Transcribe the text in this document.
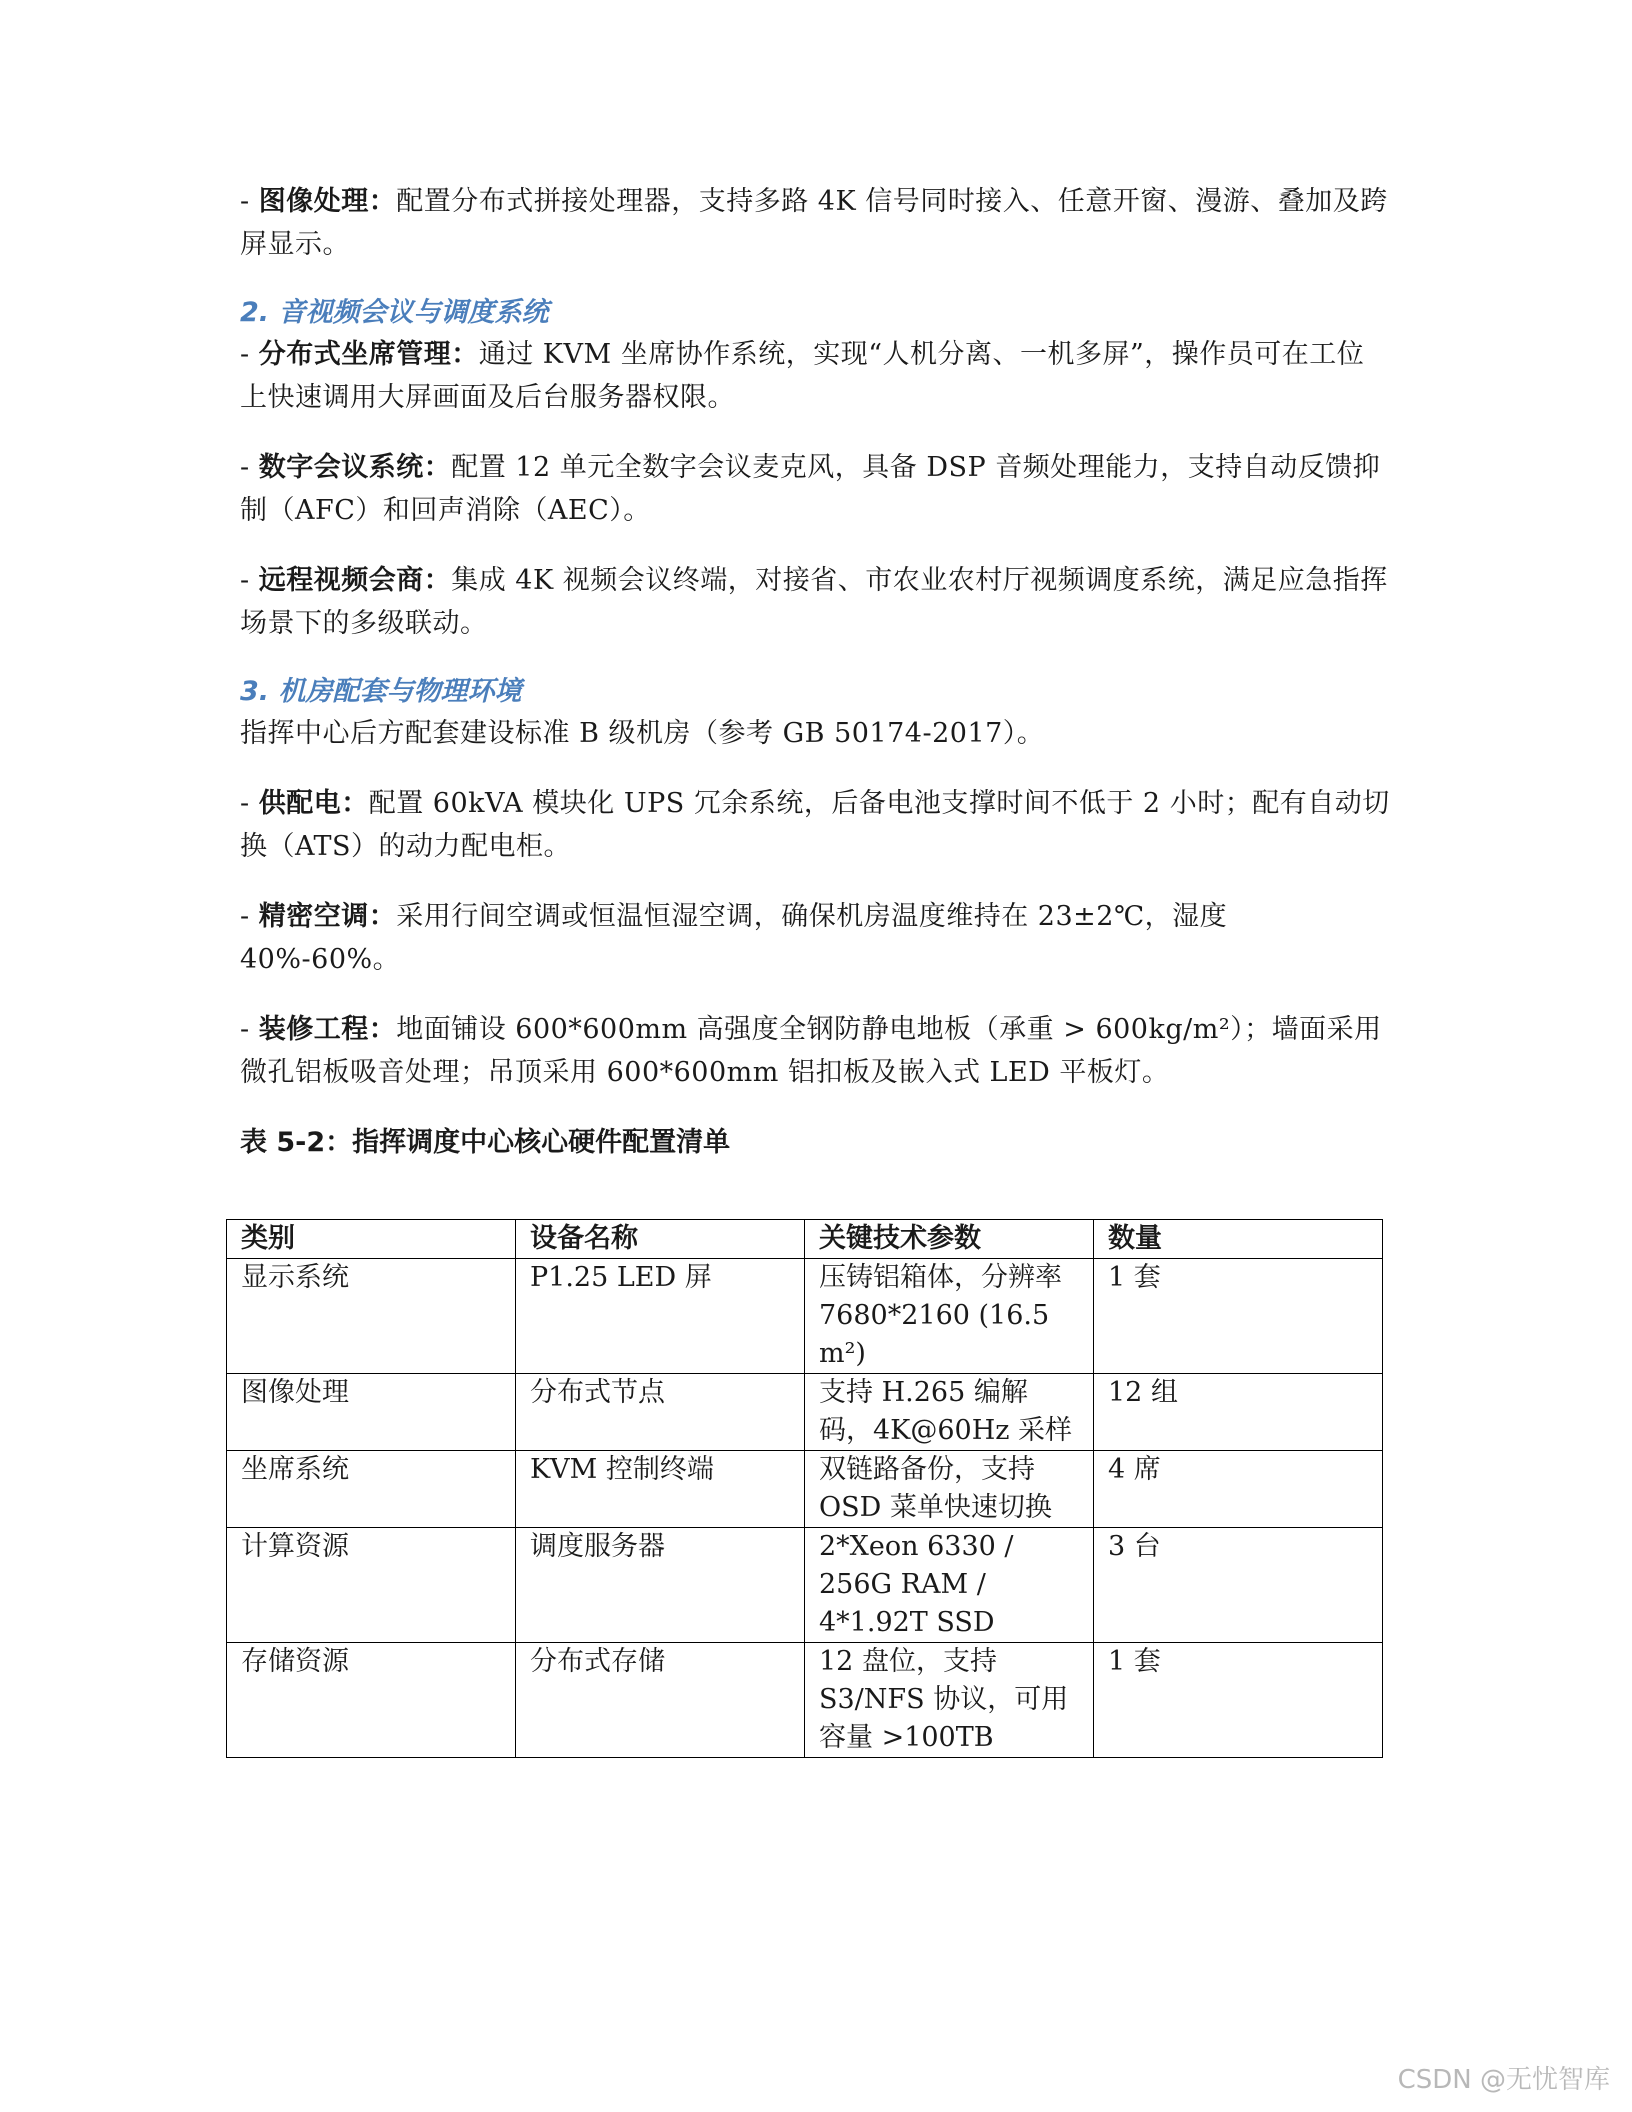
- 图像处理：配置分布式拼接处理器，支持多路 4K 信号同时接入、任意开窗、漫游、叠加及跨屏显示。

2. 音视频会议与调度系统

- 分布式坐席管理：通过 KVM 坐席协作系统，实现“人机分离、一机多屏”，操作员可在工位上快速调用大屏画面及后台服务器权限。

- 数字会议系统：配置 12 单元全数字会议麦克风，具备 DSP 音频处理能力，支持自动反馈抑制（AFC）和回声消除（AEC）。

- 远程视频会商：集成 4K 视频会议终端，对接省、市农业农村厅视频调度系统，满足应急指挥场景下的多级联动。

3. 机房配套与物理环境

指挥中心后方配套建设标准 B 级机房（参考 GB 50174-2017）。

- 供配电：配置 60kVA 模块化 UPS 冗余系统，后备电池支撑时间不低于 2 小时；配有自动切换（ATS）的动力配电柜。

- 精密空调：采用行间空调或恒温恒湿空调，确保机房温度维持在 23±2℃，湿度 40%-60%。

- 装修工程：地面铺设 600*600mm 高强度全钢防静电地板（承重 > 600kg/m²）；墙面采用微孔铝板吸音处理；吊顶采用 600*600mm 铝扣板及嵌入式 LED 平板灯。

表 5-2：指挥调度中心核心硬件配置清单

类别	设备名称	关键技术参数	数量
显示系统	P1.25 LED 屏	压铸铝箱体，分辨率 7680*2160 (16.5 m²)	1 套
图像处理	分布式节点	支持 H.265 编解码，4K@60Hz 采样	12 组
坐席系统	KVM 控制终端	双链路备份，支持 OSD 菜单快速切换	4 席
计算资源	调度服务器	2*Xeon 6330 / 256G RAM / 4*1.92T SSD	3 台
存储资源	分布式存储	12 盘位，支持 S3/NFS 协议，可用容量 >100TB	1 套
CSDN @无忧智库
